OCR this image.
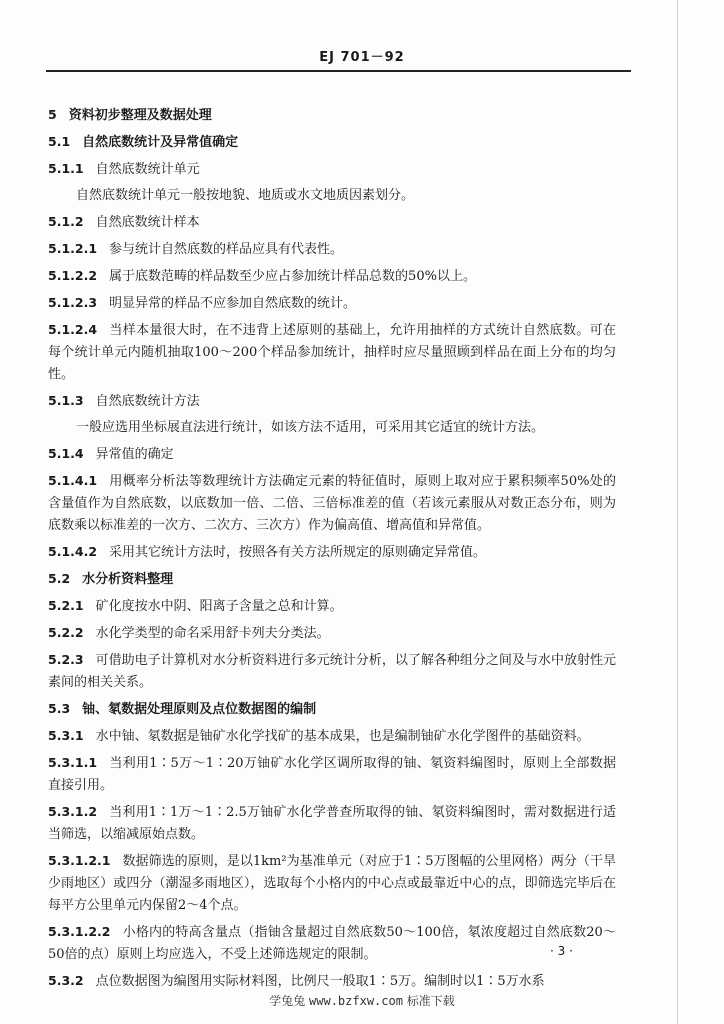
EJ 701－92
5 资料初步整理及数据处理
5.1 自然底数统计及异常值确定
5.1.1 自然底数统计单元
自然底数统计单元一般按地貌、地质或水文地质因素划分。
5.1.2 自然底数统计样本
5.1.2.1 参与统计自然底数的样品应具有代表性。
5.1.2.2 属于底数范畴的样品数至少应占参加统计样品总数的50%以上。
5.1.2.3 明显异常的样品不应参加自然底数的统计。
5.1.2.4 当样本量很大时，在不违背上述原则的基础上，允许用抽样的方式统计自然底数。可在每个统计单元内随机抽取100～200个样品参加统计，抽样时应尽量照顾到样品在面上分布的均匀性。
5.1.3 自然底数统计方法
一般应选用坐标展直法进行统计，如该方法不适用，可采用其它适宜的统计方法。
5.1.4 异常值的确定
5.1.4.1 用概率分析法等数理统计方法确定元素的特征值时，原则上取对应于累积频率50%处的含量值作为自然底数，以底数加一倍、二倍、三倍标准差的值（若该元素服从对数正态分布，则为底数乘以标准差的一次方、二次方、三次方）作为偏高值、增高值和异常值。
5.1.4.2 采用其它统计方法时，按照各有关方法所规定的原则确定异常值。
5.2 水分析资料整理
5.2.1 矿化度按水中阴、阳离子含量之总和计算。
5.2.2 水化学类型的命名采用舒卡列夫分类法。
5.2.3 可借助电子计算机对水分析资料进行多元统计分析，以了解各种组分之间及与水中放射性元素间的相关关系。
5.3 铀、氡数据处理原则及点位数据图的编制
5.3.1 水中铀、氡数据是铀矿水化学找矿的基本成果，也是编制铀矿水化学图件的基础资料。
5.3.1.1 当利用1∶5万～1∶20万铀矿水化学区调所取得的铀、氡资料编图时，原则上全部数据直接引用。
5.3.1.2 当利用1∶1万～1∶2.5万铀矿水化学普查所取得的铀、氡资料编图时，需对数据进行适当筛选，以缩减原始点数。
5.3.1.2.1 数据筛选的原则，是以1km²为基准单元（对应于1∶5万图幅的公里网格）两分（干旱少雨地区）或四分（潮湿多雨地区），选取每个小格内的中心点或最靠近中心的点，即筛选完毕后在每平方公里单元内保留2～4个点。
5.3.1.2.2 小格内的特高含量点（指铀含量超过自然底数50～100倍，氡浓度超过自然底数20～50倍的点）原则上均应选入，不受上述筛选规定的限制。
5.3.2 点位数据图为编图用实际材料图，比例尺一般取1∶5万。编制时以1∶5万水系
· 3 ·
学兔兔 www.bzfxw.com 标准下载
